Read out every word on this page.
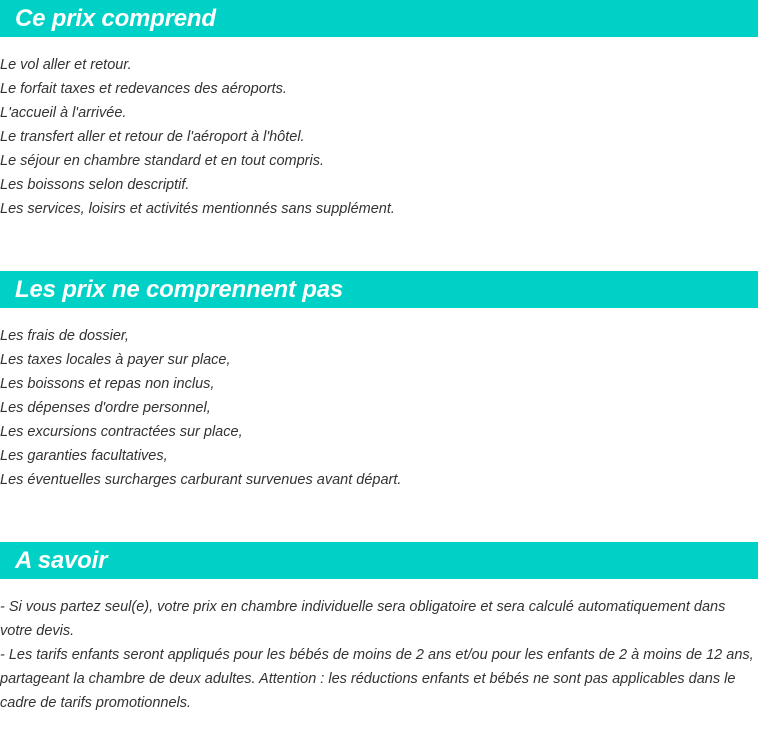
Ce prix comprend
Le vol aller et retour.
Le forfait taxes et redevances des aéroports.
L'accueil à l'arrivée.
Le transfert aller et retour de l'aéroport à l'hôtel.
Le séjour en chambre standard et en tout compris.
Les boissons selon descriptif.
Les services, loisirs et activités mentionnés sans supplément.
Les prix ne comprennent pas
Les frais de dossier,
Les taxes locales à payer sur place,
Les boissons et repas non inclus,
Les dépenses d'ordre personnel,
Les excursions contractées sur place,
Les garanties facultatives,
Les éventuelles surcharges carburant survenues avant départ.
A savoir

- Si vous partez seul(e), votre prix en chambre individuelle sera obligatoire et sera calculé automatiquement dans votre devis.

- Les tarifs enfants seront appliqués pour les bébés de moins de 2 ans et/ou pour les enfants de 2 à moins de 12 ans, partageant la chambre de deux adultes. Attention : les réductions enfants et bébés ne sont pas applicables dans le cadre de tarifs promotionnels.
